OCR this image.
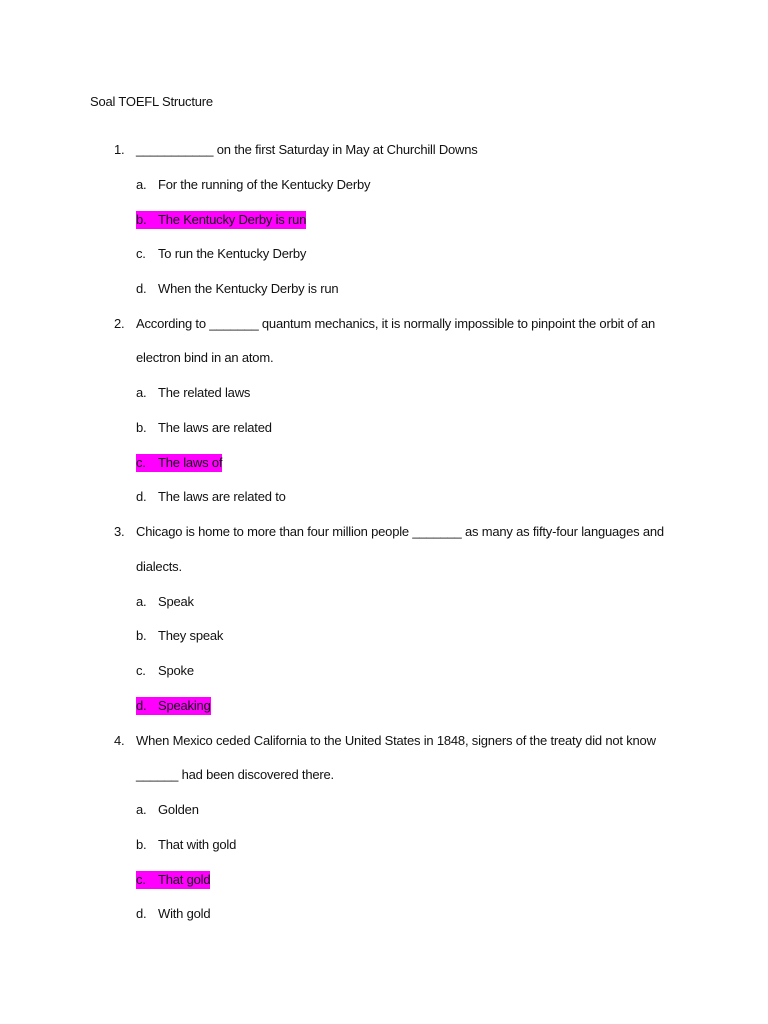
Soal TOEFL Structure
1. ___________ on the first Saturday in May at Churchill Downs
a. For the running of the Kentucky Derby
b. The Kentucky Derby is run
c. To run the Kentucky Derby
d. When the Kentucky Derby is run
2. According to _______ quantum mechanics, it is normally impossible to pinpoint the orbit of an
electron bind in an atom.
a. The related laws
b. The laws are related
c. The laws of
d. The laws are related to
3. Chicago is home to more than four million people _______ as many as fifty-four languages and
dialects.
a. Speak
b. They speak
c. Spoke
d. Speaking
4. When Mexico ceded California to the United States in 1848, signers of the treaty did not know
______ had been discovered there.
a. Golden
b. That with gold
c. That gold
d. With gold
